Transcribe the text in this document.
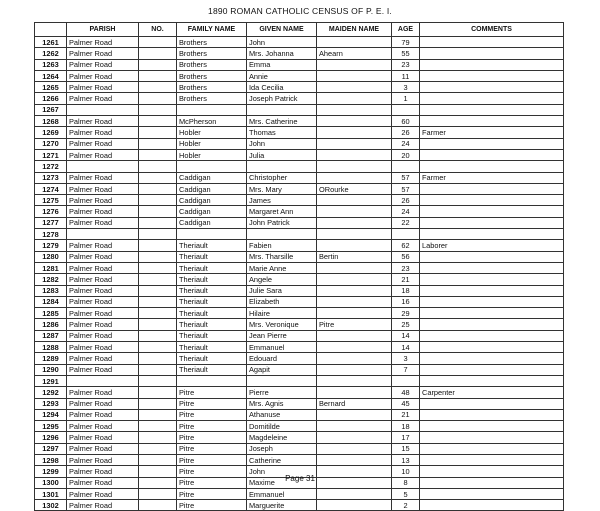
1890 ROMAN CATHOLIC CENSUS OF P. E. I.
	PARISH	NO.	FAMILY NAME	GIVEN NAME	MAIDEN NAME	AGE	COMMENTS
1261	Palmer Road		Brothers	John		79	
1262	Palmer Road		Brothers	Mrs. Johanna	Ahearn	55	
1263	Palmer Road		Brothers	Emma		23	
1264	Palmer Road		Brothers	Annie		11	
1265	Palmer Road		Brothers	Ida Cecilia		3	
1266	Palmer Road		Brothers	Joseph Patrick		1	
1267							
1268	Palmer Road		McPherson	Mrs. Catherine		60	
1269	Palmer Road		Hobler	Thomas		26	Farmer
1270	Palmer Road		Hobler	John		24	
1271	Palmer Road		Hobler	Julia		20	
1272							
1273	Palmer Road		Caddigan	Christopher		57	Farmer
1274	Palmer Road		Caddigan	Mrs. Mary	ORourke	57	
1275	Palmer Road		Caddigan	James		26	
1276	Palmer Road		Caddigan	Margaret Ann		24	
1277	Palmer Road		Caddigan	John Patrick		22	
1278							
1279	Palmer Road		Theriault	Fabien		62	Laborer
1280	Palmer Road		Theriault	Mrs. Tharsille	Bertin	56	
1281	Palmer Road		Theriault	Marie Anne		23	
1282	Palmer Road		Theriault	Angele		21	
1283	Palmer Road		Theriault	Julie Sara		18	
1284	Palmer Road		Theriault	Elizabeth		16	
1285	Palmer Road		Theriault	Hilaire		29	
1286	Palmer Road		Theriault	Mrs. Veronique	Pitre	25	
1287	Palmer Road		Theriault	Jean Pierre		14	
1288	Palmer Road		Theriault	Emmanuel		14	
1289	Palmer Road		Theriault	Edouard		3	
1290	Palmer Road		Theriault	Agapit		7	
1291							
1292	Palmer Road		Pitre	Pierre		48	Carpenter
1293	Palmer Road		Pitre	Mrs. Agnis	Bernard	45	
1294	Palmer Road		Pitre	Athanuse		21	
1295	Palmer Road		Pitre	Domitilde		18	
1296	Palmer Road		Pitre	Magdeleine		17	
1297	Palmer Road		Pitre	Joseph		15	
1298	Palmer Road		Pitre	Catherine		13	
1299	Palmer Road		Pitre	John		10	
1300	Palmer Road		Pitre	Maxime		8	
1301	Palmer Road		Pitre	Emmanuel		5	
1302	Palmer Road		Pitre	Marguerite		2	
Page 31
